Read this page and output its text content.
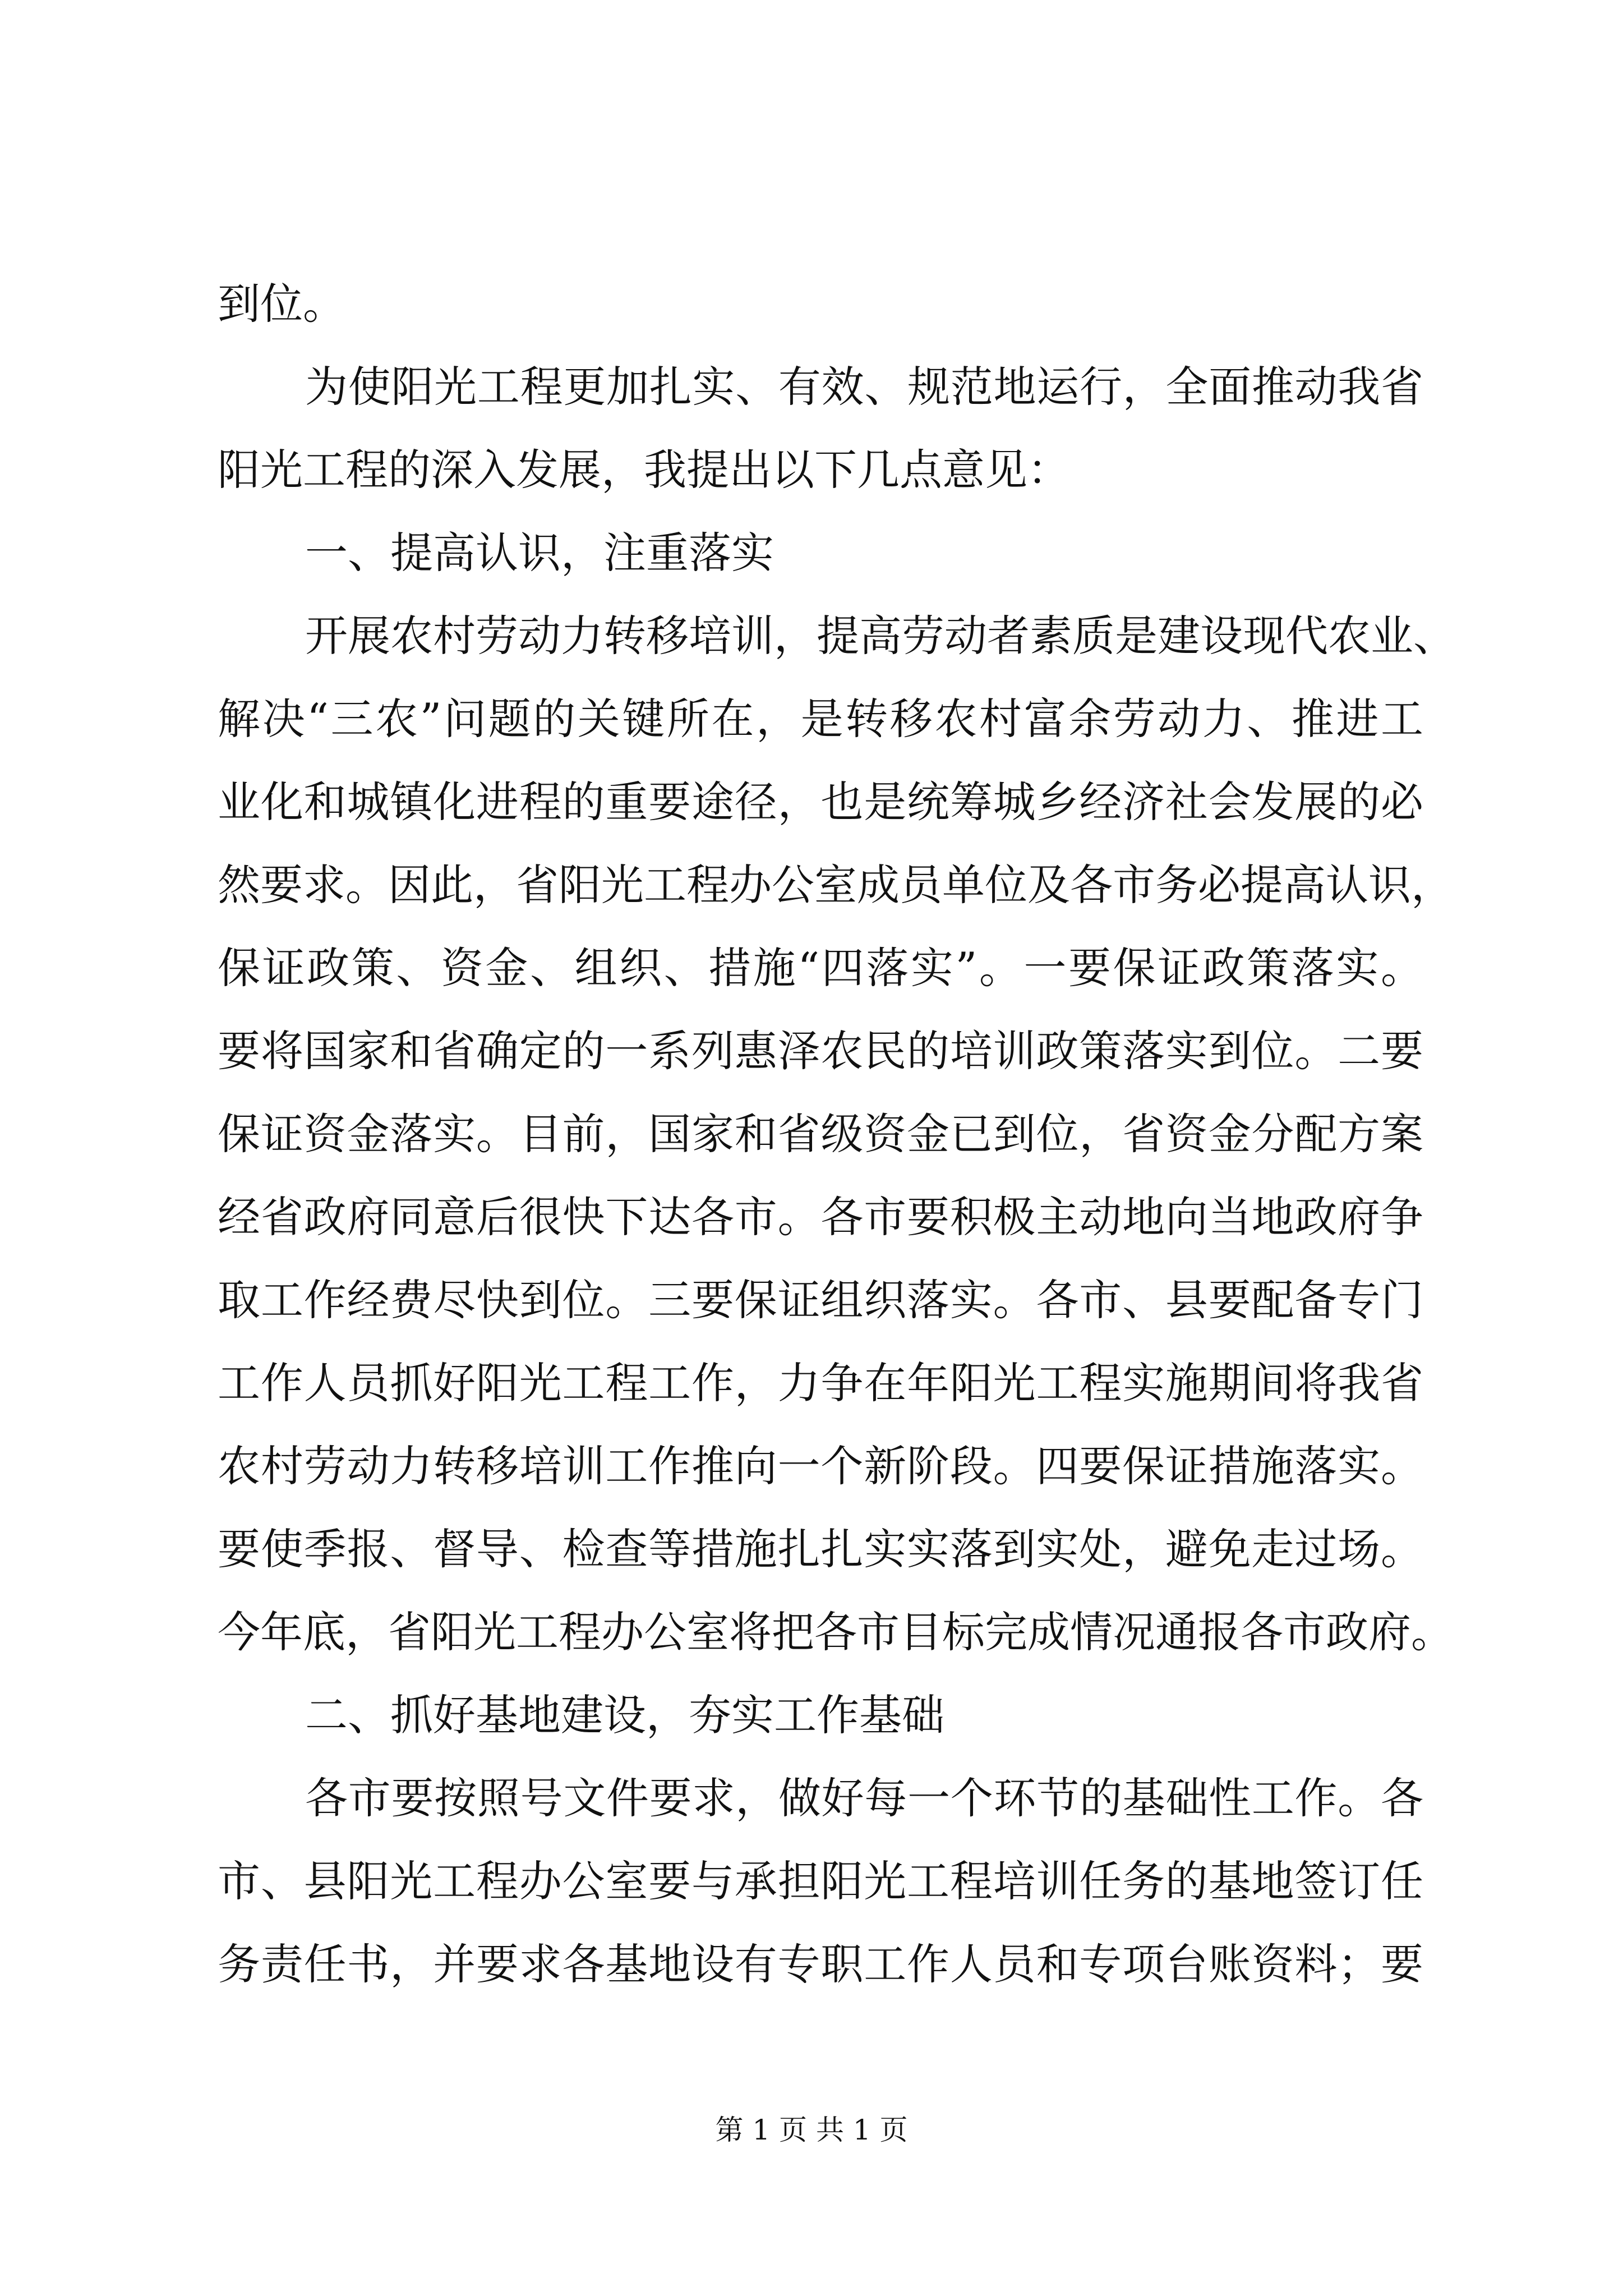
到位。
为使阳光工程更加扎实、有效、规范地运行，全面推动我省
阳光工程的深入发展，我提出以下几点意见：
一、提高认识，注重落实
开展农村劳动力转移培训，提高劳动者素质是建设现代农业、
解决“三农”问题的关键所在，是转移农村富余劳动力、推进工
业化和城镇化进程的重要途径，也是统筹城乡经济社会发展的必
然要求。因此，省阳光工程办公室成员单位及各市务必提高认识，
保证政策、资金、组织、措施“四落实”。一要保证政策落实。
要将国家和省确定的一系列惠泽农民的培训政策落实到位。二要
保证资金落实。目前，国家和省级资金已到位，省资金分配方案
经省政府同意后很快下达各市。各市要积极主动地向当地政府争
取工作经费尽快到位。三要保证组织落实。各市、县要配备专门
工作人员抓好阳光工程工作，力争在年阳光工程实施期间将我省
农村劳动力转移培训工作推向一个新阶段。四要保证措施落实。
要使季报、督导、检查等措施扎扎实实落到实处，避免走过场。
今年底，省阳光工程办公室将把各市目标完成情况通报各市政府。
二、抓好基地建设，夯实工作基础
各市要按照号文件要求，做好每一个环节的基础性工作。各
市、县阳光工程办公室要与承担阳光工程培训任务的基地签订任
务责任书，并要求各基地设有专职工作人员和专项台账资料；要
第 1 页 共 1 页
